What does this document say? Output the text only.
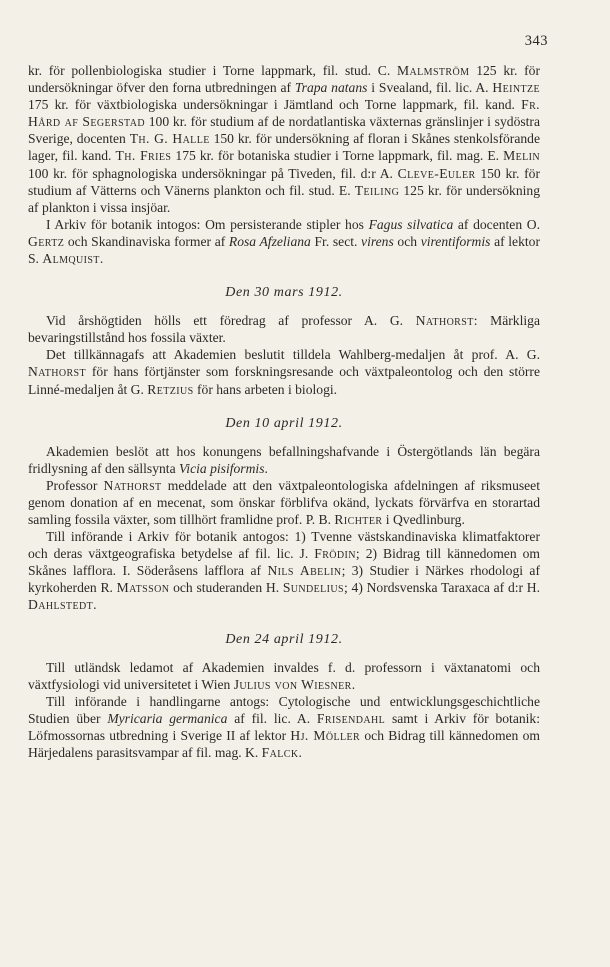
343

kr. för pollenbiologiska studier i Torne lappmark, fil. stud. C. Malmström 125 kr. för undersökningar öfver den forna utbredningen af Trapa natans i Svealand, fil. lic. A. Heintze 175 kr. för växtbiologiska undersökningar i Jämtland och Torne lappmark, fil. kand. Fr. Hård af Segerstad 100 kr. för studium af de nordatlantiska växternas gränslinjer i sydöstra Sverige, docenten Th. G. Halle 150 kr. för undersökning af floran i Skånes stenkolsförande lager, fil. kand. Th. Fries 175 kr. för botaniska studier i Torne lappmark, fil. mag. E. Melin 100 kr. för sphagnologiska undersökningar på Tiveden, fil. d:r A. Cleve-Euler 150 kr. för studium af Vätterns och Vänerns plankton och fil. stud. E. Teiling 125 kr. för undersökning af plankton i vissa insjöar.

I Arkiv för botanik intogos: Om persisterande stipler hos Fagus silvatica af docenten O. Gertz och Skandinaviska former af Rosa Afzeliana Fr. sect. virens och virentiformis af lektor S. Almquist.

Den 30 mars 1912.

Vid årshögtiden hölls ett föredrag af professor A. G. Nathorst: Märkliga bevaringstillstånd hos fossila växter.

Det tillkännagafs att Akademien beslutit tilldela Wahlberg-medaljen åt prof. A. G. Nathorst för hans förtjänster som forskningsresande och växtpaleontolog och den större Linné-medaljen åt G. Retzius för hans arbeten i biologi.

Den 10 april 1912.

Akademien beslöt att hos konungens befallningshafvande i Östergötlands län begära fridlysning af den sällsynta Vicia pisiformis.

Professor Nathorst meddelade att den växtpaleontologiska afdelningen af riksmuseet genom donation af en mecenat, som önskar förblifva okänd, lyckats förvärfva en storartad samling fossila växter, som tillhört framlidne prof. P. B. Richter i Qvedlinburg.

Till införande i Arkiv för botanik antogos: 1) Tvenne västskandinaviska klimatfaktorer och deras växtgeografiska betydelse af fil. lic. J. Frödin; 2) Bidrag till kännedomen om Skånes lafflora. I. Söderåsens lafflora af Nils Abelin; 3) Studier i Närkes rhodologi af kyrkoherden R. Matsson och studeranden H. Sundelius; 4) Nordsvenska Taraxaca af d:r H. Dahlstedt.

Den 24 april 1912.

Till utländsk ledamot af Akademien invaldes f. d. professorn i växtanatomi och växtfysiologi vid universitetet i Wien Julius von Wiesner.

Till införande i handlingarne antogs: Cytologische und entwicklungsgeschichtliche Studien über Myricaria germanica af fil. lic. A. Frisendahl samt i Arkiv för botanik: Löfmossornas utbredning i Sverige II af lektor Hj. Möller och Bidrag till kännedomen om Härjedalens parasitsvampar af fil. mag. K. Falck.
